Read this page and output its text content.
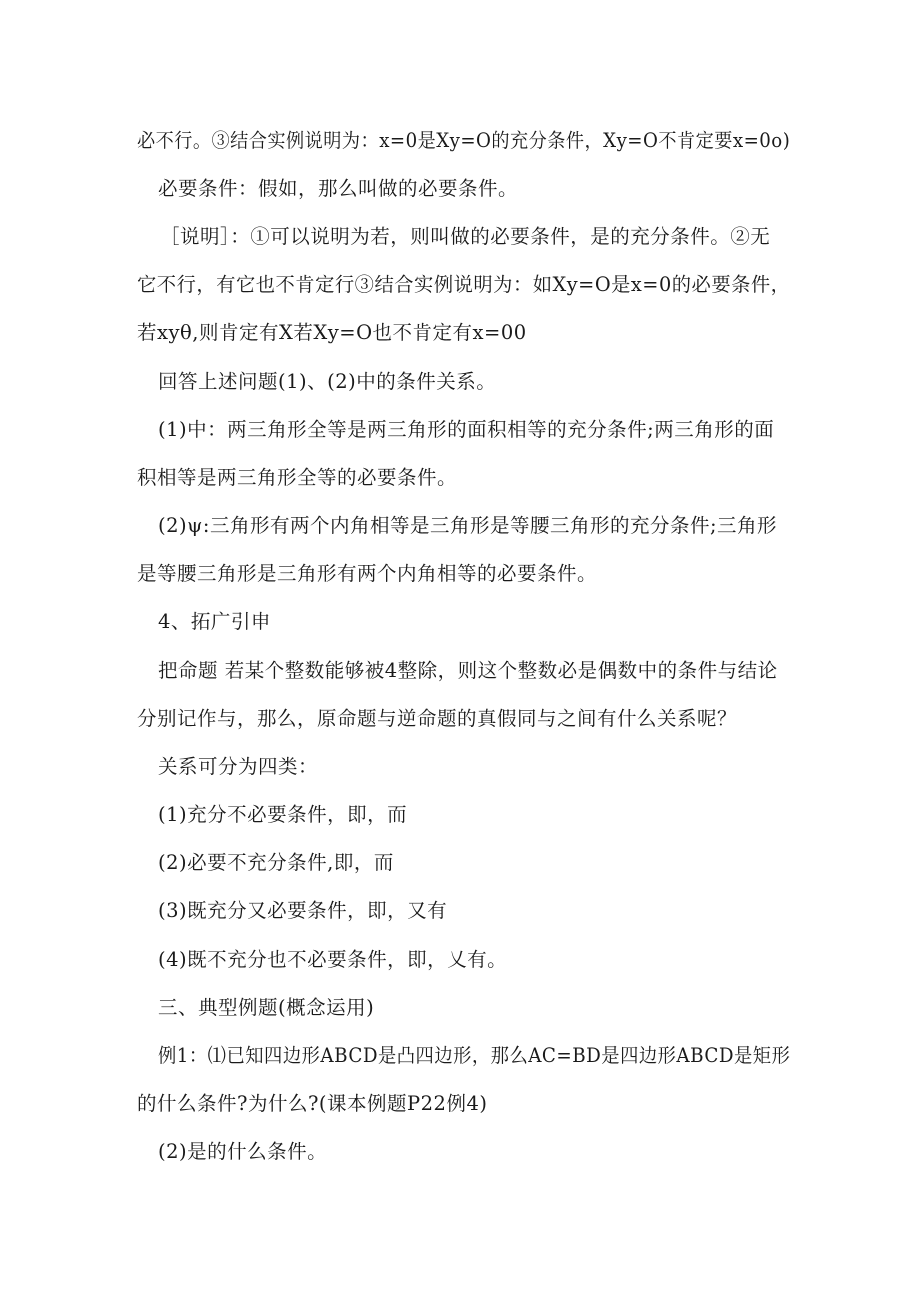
必不行。③结合实例说明为：x=0是Xy=O的充分条件，Xy=O不肯定要x=0o)
必要条件：假如，那么叫做的必要条件。
［说明］：①可以说明为若，则叫做的必要条件，是的充分条件。②无
它不行，有它也不肯定行③结合实例说明为：如Xy=O是x=0的必要条件，
若xyθ,则肯定有X若Xy=O也不肯定有x=00
回答上述问题(1)、(2)中的条件关系。
(1)中：两三角形全等是两三角形的面积相等的充分条件;两三角形的面
积相等是两三角形全等的必要条件。
(2)ψ:三角形有两个内角相等是三角形是等腰三角形的充分条件;三角形
是等腰三角形是三角形有两个内角相等的必要条件。
4、拓广引申
把命题 若某个整数能够被4整除，则这个整数必是偶数中的条件与结论
分别记作与，那么，原命题与逆命题的真假同与之间有什么关系呢？
关系可分为四类：
(1)充分不必要条件，即，而
(2)必要不充分条件,即，而
(3)既充分又必要条件，即，又有
(4)既不充分也不必要条件，即，乂有。
三、典型例题(概念运用)
例1：⑴已知四边形ABCD是凸四边形，那么AC=BD是四边形ABCD是矩形
的什么条件?为什么?(课本例题P22例4)
(2)是的什么条件。
